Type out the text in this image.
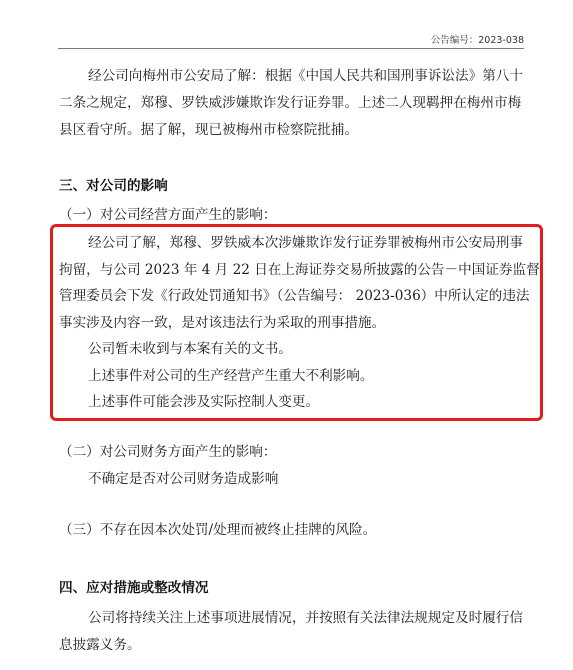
公告编号：2023-038
经公司向梅州市公安局了解：根据《中国人民共和国刑事诉讼法》第八十
二条之规定，郑穆、罗铁威涉嫌欺诈发行证券罪。上述二人现羁押在梅州市梅
县区看守所。据了解，现已被梅州市检察院批捕。
三、对公司的影响
（一）对公司经营方面产生的影响：
经公司了解，郑穆、罗铁威本次涉嫌欺诈发行证券罪被梅州市公安局刑事
拘留，与公司 2023 年 4 月 22 日在上海证券交易所披露的公告－中国证券监督
管理委员会下发《行政处罚通知书》（公告编号： 2023-036）中所认定的违法
事实涉及内容一致，是对该违法行为采取的刑事措施。
公司暂未收到与本案有关的文书。
上述事件对公司的生产经营产生重大不利影响。
上述事件可能会涉及实际控制人变更。
（二）对公司财务方面产生的影响：
不确定是否对公司财务造成影响
（三）不存在因本次处罚/处理而被终止挂牌的风险。
四、应对措施或整改情况
公司将持续关注上述事项进展情况，并按照有关法律法规规定及时履行信
息披露义务。
